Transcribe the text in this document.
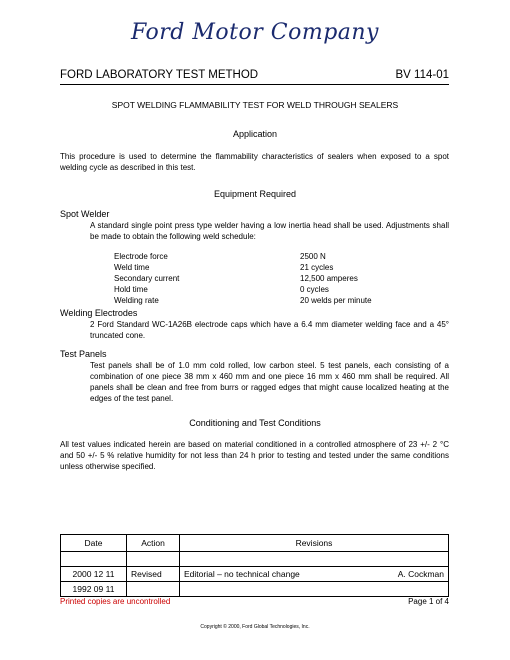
Ford Motor Company
FORD LABORATORY TEST METHOD	BV 114-01
SPOT WELDING FLAMMABILITY TEST FOR WELD THROUGH SEALERS
Application
This procedure is used to determine the flammability characteristics of sealers when exposed to a spot welding cycle as described in this test.
Equipment Required
Spot Welder
A standard single point press type welder having a low inertia head shall be used. Adjustments shall be made to obtain the following weld schedule:
Electrode force	2500 N
Weld time	21 cycles
Secondary current	12,500 amperes
Hold time	0 cycles
Welding rate	20 welds per minute
Welding Electrodes
2 Ford Standard WC-1A26B electrode caps which have a 6.4 mm diameter welding face and a 45° truncated cone.
Test Panels
Test panels shall be of 1.0 mm cold rolled, low carbon steel. 5 test panels, each consisting of a combination of one piece 38 mm x 460 mm and one piece 16 mm x 460 mm shall be required. All panels shall be clean and free from burrs or ragged edges that might cause localized heating at the edges of the test panel.
Conditioning and Test Conditions
All test values indicated herein are based on material conditioned in a controlled atmosphere of 23 +/- 2 °C and 50 +/- 5 % relative humidity for not less than 24 h prior to testing and tested under the same conditions unless otherwise specified.
Date	Action	Revisions

2000 12 11	Revised	Editorial – no technical change A. Cockman

1992 09 11		
Printed copies are uncontrolled	Page 1 of 4
Copyright © 2000, Ford Global Technologies, Inc.
